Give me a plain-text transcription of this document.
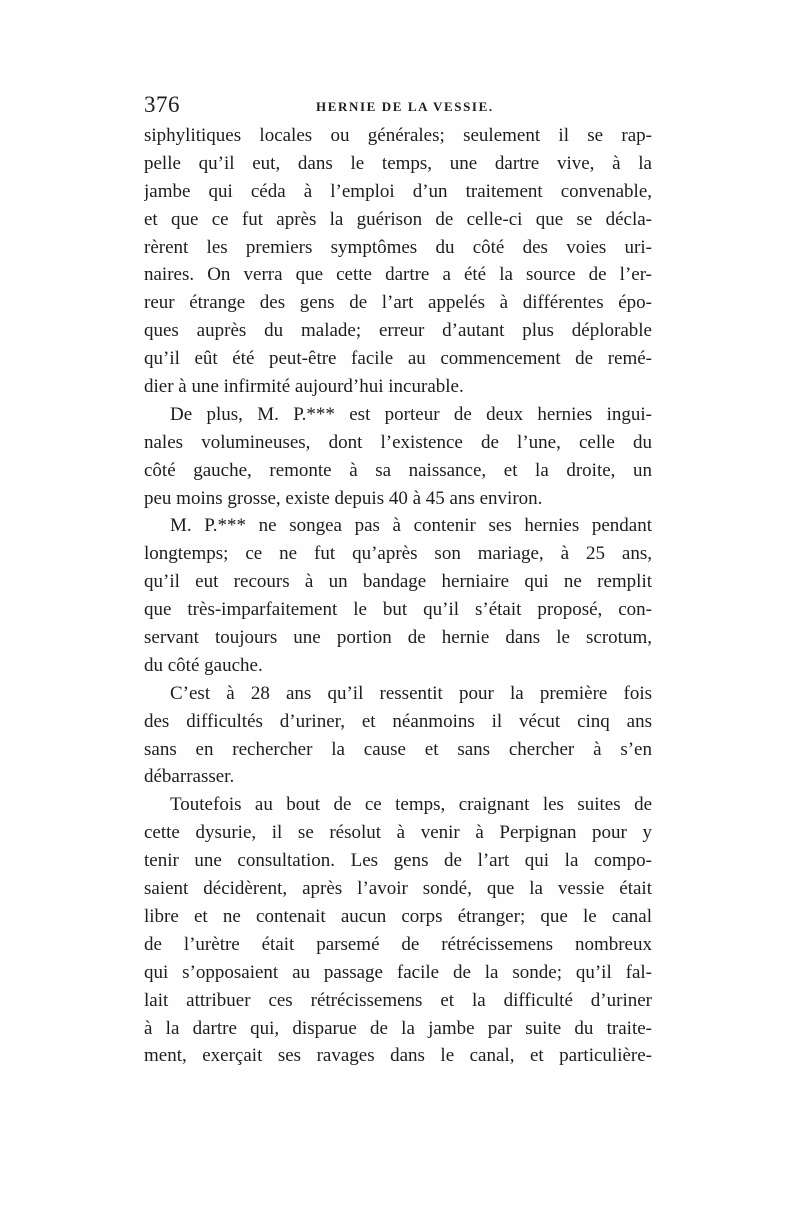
376	HERNIE DE LA VESSIE.
siphylitiques locales ou générales; seulement il se rap-
pelle qu’il eut, dans le temps, une dartre vive, à la
jambe qui céda à l’emploi d’un traitement convenable,
et que ce fut après la guérison de celle-ci que se décla-
rèrent les premiers symptômes du côté des voies uri-
naires. On verra que cette dartre a été la source de l’er-
reur étrange des gens de l’art appelés à différentes épo-
ques auprès du malade; erreur d’autant plus déplorable
qu’il eût été peut-être facile au commencement de remé-
dier à une infirmité aujourd’hui incurable.
De plus, M. P.*** est porteur de deux hernies ingui-
nales volumineuses, dont l’existence de l’une, celle du
côté gauche, remonte à sa naissance, et la droite, un
peu moins grosse, existe depuis 40 à 45 ans environ.
M. P.*** ne songea pas à contenir ses hernies pendant
longtemps; ce ne fut qu’après son mariage, à 25 ans,
qu’il eut recours à un bandage herniaire qui ne remplit
que très-imparfaitement le but qu’il s’était proposé, con-
servant toujours une portion de hernie dans le scrotum,
du côté gauche.
C’est à 28 ans qu’il ressentit pour la première fois
des difficultés d’uriner, et néanmoins il vécut cinq ans
sans en rechercher la cause et sans chercher à s’en
débarrasser.
Toutefois au bout de ce temps, craignant les suites de
cette dysurie, il se résolut à venir à Perpignan pour y
tenir une consultation. Les gens de l’art qui la compo-
saient décidèrent, après l’avoir sondé, que la vessie était
libre et ne contenait aucun corps étranger; que le canal
de l’urètre était parsemé de rétrécissemens nombreux
qui s’opposaient au passage facile de la sonde; qu’il fal-
lait attribuer ces rétrécissemens et la difficulté d’uriner
à la dartre qui, disparue de la jambe par suite du traite-
ment, exerçait ses ravages dans le canal, et particulière-
